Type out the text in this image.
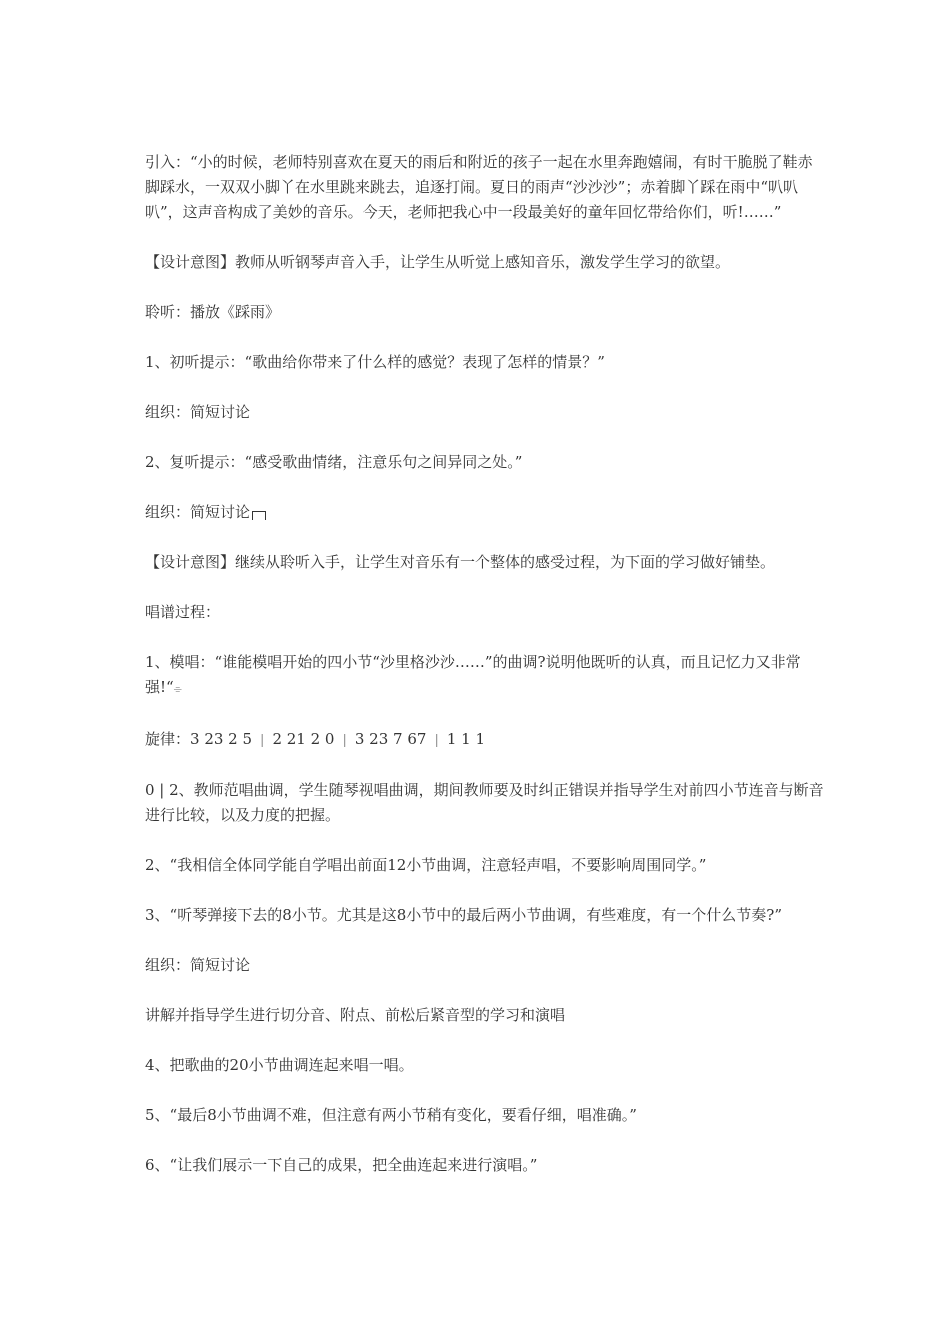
引入：“小的时候，老师特别喜欢在夏天的雨后和附近的孩子一起在水里奔跑嬉闹，有时干脆脱了鞋赤脚踩水，一双双小脚丫在水里跳来跳去，追逐打闹。夏日的雨声“沙沙沙”；赤着脚丫踩在雨中“叭叭叭”，这声音构成了美妙的音乐。今天，老师把我心中一段最美好的童年回忆带给你们，听!……”

【设计意图】教师从听钢琴声音入手，让学生从听觉上感知音乐，激发学生学习的欲望。

聆听：播放《踩雨》

1、初听提示：“歌曲给你带来了什么样的感觉？表现了怎样的情景？”

组织：简短讨论

2、复听提示：“感受歌曲情绪，注意乐句之间异同之处。”

组织：简短讨论

【设计意图】继续从聆听入手，让学生对音乐有一个整体的感受过程，为下面的学习做好铺垫。

唱谱过程：

1、模唱：“谁能模唱开始的四小节“沙里格沙沙……”的曲调?说明他既听的认真，而且记忆力又非常强!“⌯

旋律：3 23 2 5 | 2 21 2 0 | 3 23 7 67 | 1 1 1

0 | 2、教师范唱曲调，学生随琴视唱曲调，期间教师要及时纠正错误并指导学生对前四小节连音与断音进行比较，以及力度的把握。

2、“我相信全体同学能自学唱出前面12小节曲调，注意轻声唱，不要影响周围同学。”

3、“听琴弹接下去的8小节。尤其是这8小节中的最后两小节曲调，有些难度，有一个什么节奏?”

组织：简短讨论

讲解并指导学生进行切分音、附点、前松后紧音型的学习和演唱

4、把歌曲的20小节曲调连起来唱一唱。

5、“最后8小节曲调不难，但注意有两小节稍有变化，要看仔细，唱准确。”

6、“让我们展示一下自己的成果，把全曲连起来进行演唱。”
